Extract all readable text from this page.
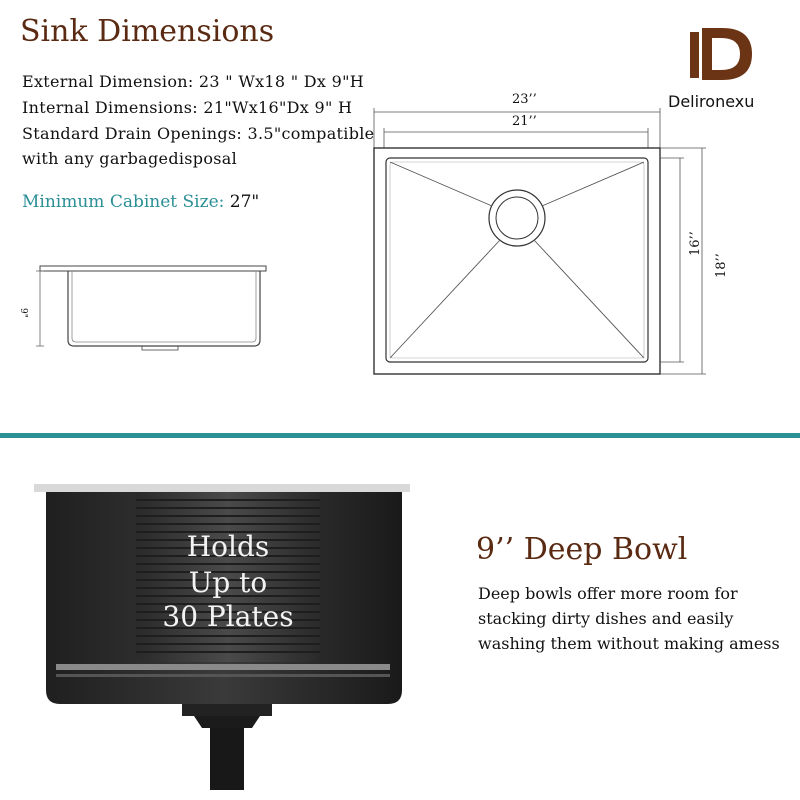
Sink Dimensions
External Dimension: 23 " Wx18 " Dx 9"H
Internal Dimensions: 21"Wx16"Dx 9" H
Standard Drain Openings: 3.5"compatible
with any garbagedisposal
Minimum Cabinet Size: 27"
Delironexu
9"
23’’
21’’
16’’
18’’
Holds
Up to
30 Plates
9’’ Deep Bowl
Deep bowls offer more room for
stacking dirty dishes and easily
washing them without making amess
